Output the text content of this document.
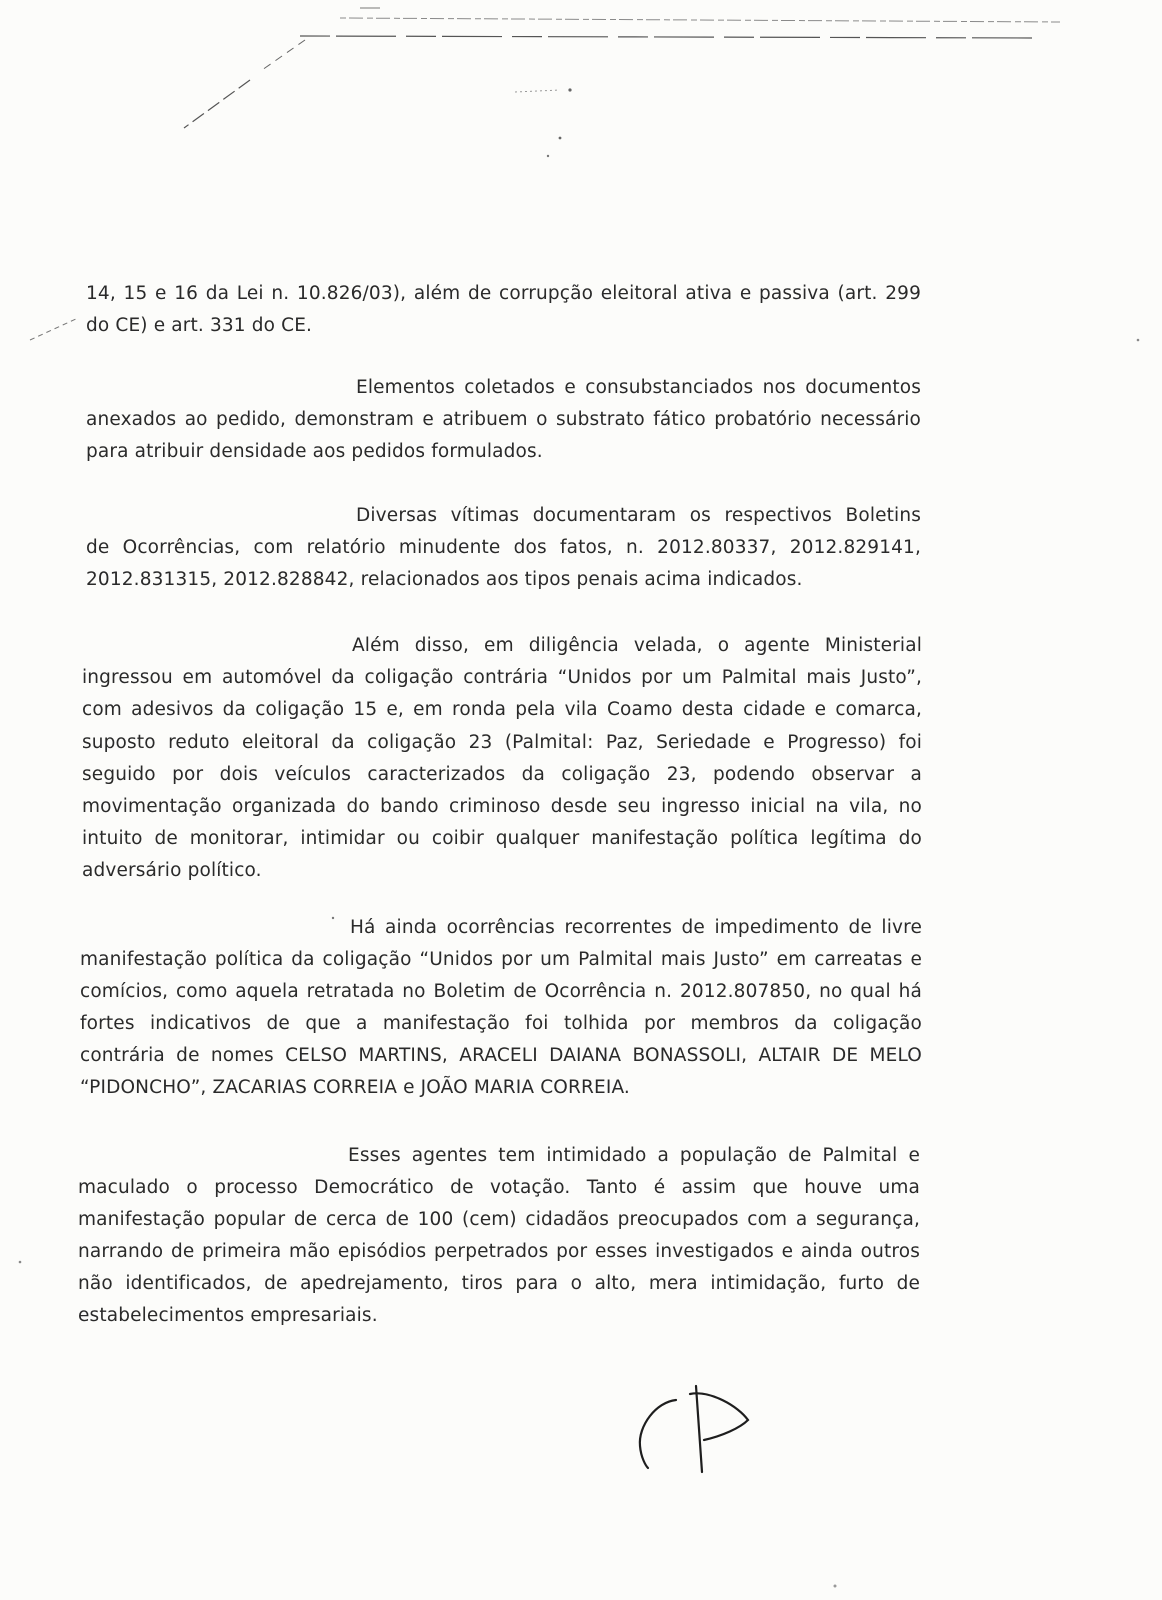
14, 15 e 16 da Lei n. 10.826/03), além de corrupção eleitoral ativa e passiva (art. 299
do CE) e art. 331 do CE.
Elementos coletados e consubstanciados nos documentos
anexados ao pedido, demonstram e atribuem o substrato fático probatório necessário
para atribuir densidade aos pedidos formulados.
Diversas vítimas documentaram os respectivos Boletins
de Ocorrências, com relatório minudente dos fatos, n. 2012.80337, 2012.829141,
2012.831315, 2012.828842, relacionados aos tipos penais acima indicados.
Além disso, em diligência velada, o agente Ministerial
ingressou em automóvel da coligação contrária “Unidos por um Palmital mais Justo”,
com adesivos da coligação 15 e, em ronda pela vila Coamo desta cidade e comarca,
suposto reduto eleitoral da coligação 23 (Palmital: Paz, Seriedade e Progresso) foi
seguido por dois veículos caracterizados da coligação 23, podendo observar a
movimentação organizada do bando criminoso desde seu ingresso inicial na vila, no
intuito de monitorar, intimidar ou coibir qualquer manifestação política legítima do
adversário político.
Há ainda ocorrências recorrentes de impedimento de livre
manifestação política da coligação “Unidos por um Palmital mais Justo” em carreatas e
comícios, como aquela retratada no Boletim de Ocorrência n. 2012.807850, no qual há
fortes indicativos de que a manifestação foi tolhida por membros da coligação
contrária de nomes CELSO MARTINS, ARACELI DAIANA BONASSOLI, ALTAIR DE MELO
“PIDONCHO”, ZACARIAS CORREIA e JOÃO MARIA CORREIA.
Esses agentes tem intimidado a população de Palmital e
maculado o processo Democrático de votação. Tanto é assim que houve uma
manifestação popular de cerca de 100 (cem) cidadãos preocupados com a segurança,
narrando de primeira mão episódios perpetrados por esses investigados e ainda outros
não identificados, de apedrejamento, tiros para o alto, mera intimidação, furto de
estabelecimentos empresariais.
